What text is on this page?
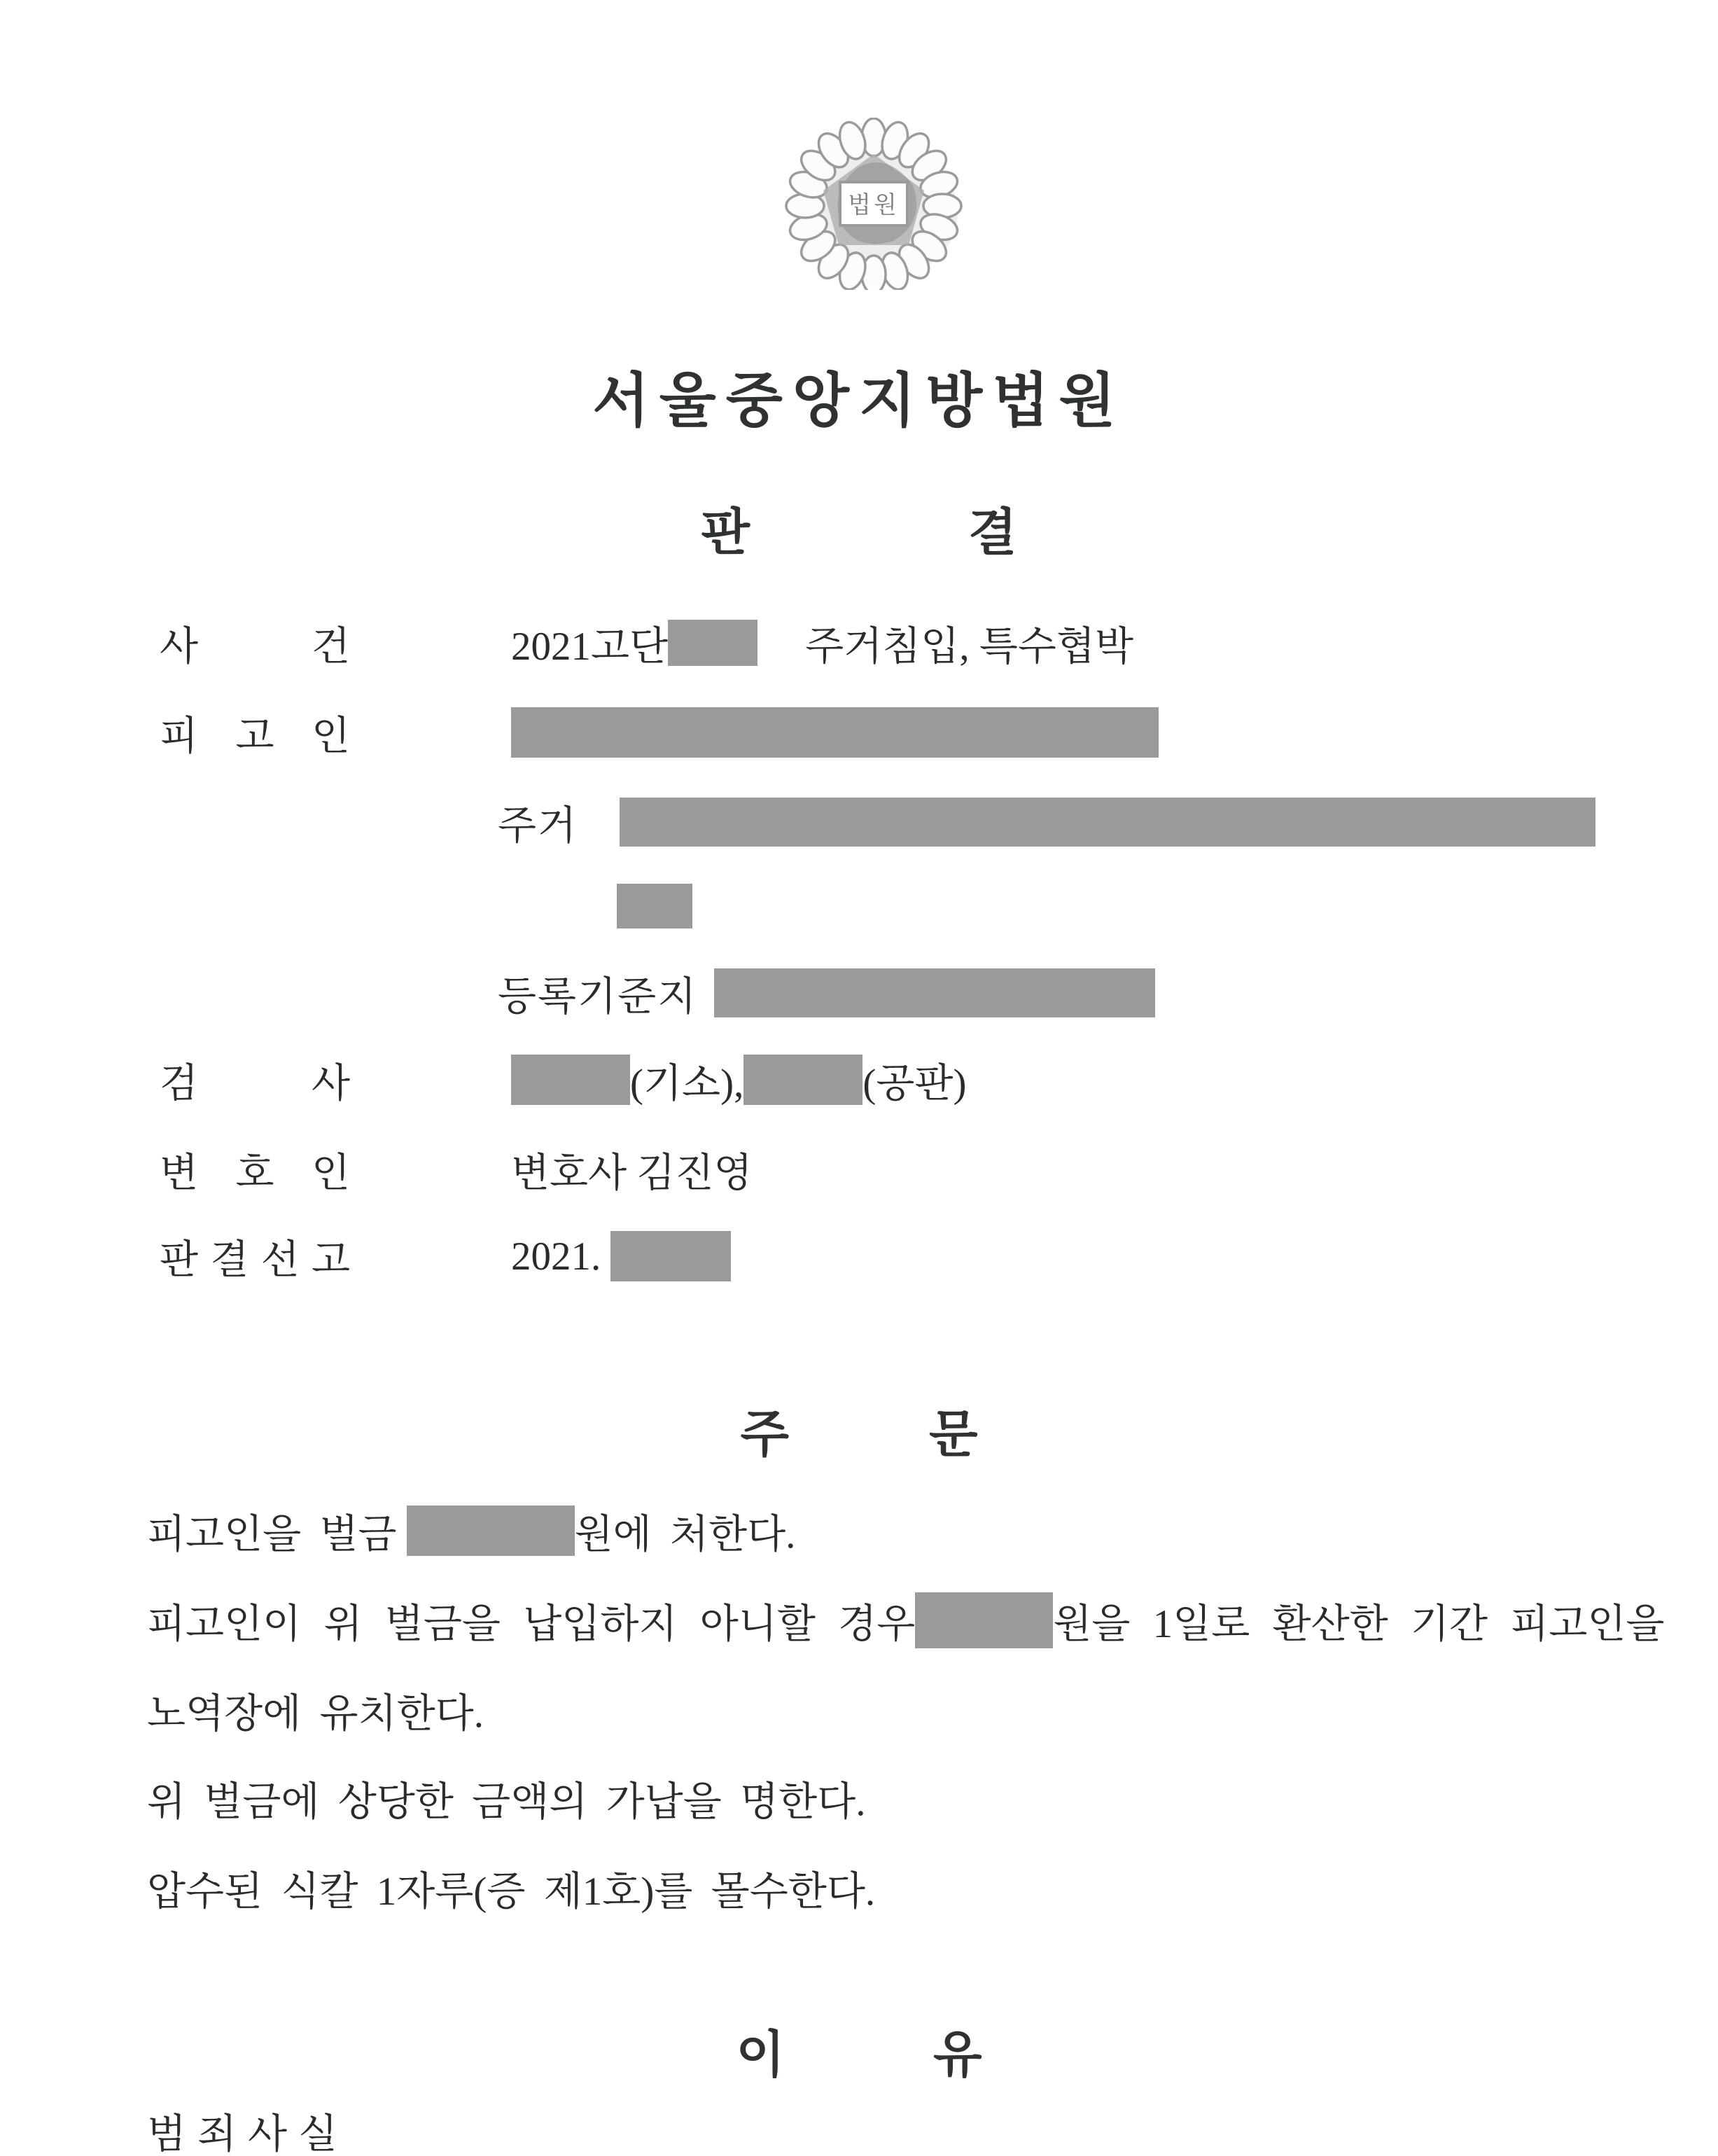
법원
서울중앙지방법원
판	결
사	건	2021고단	주거침입, 특수협박
피 고 인
주거
등록기준지
검	사	(기소),	(공판)
변 호 인	변호사 김진영
판 결 선 고	2021.
주	문
피고인을 벌금	원에 처한다.
피고인이 위 벌금을 납입하지 아니할 경우	원을 1일로 환산한 기간 피고인을
노역장에 유치한다.
위 벌금에 상당한 금액의 가납을 명한다.
압수된 식칼 1자루(증 제1호)를 몰수한다.
이	유
범죄사실
